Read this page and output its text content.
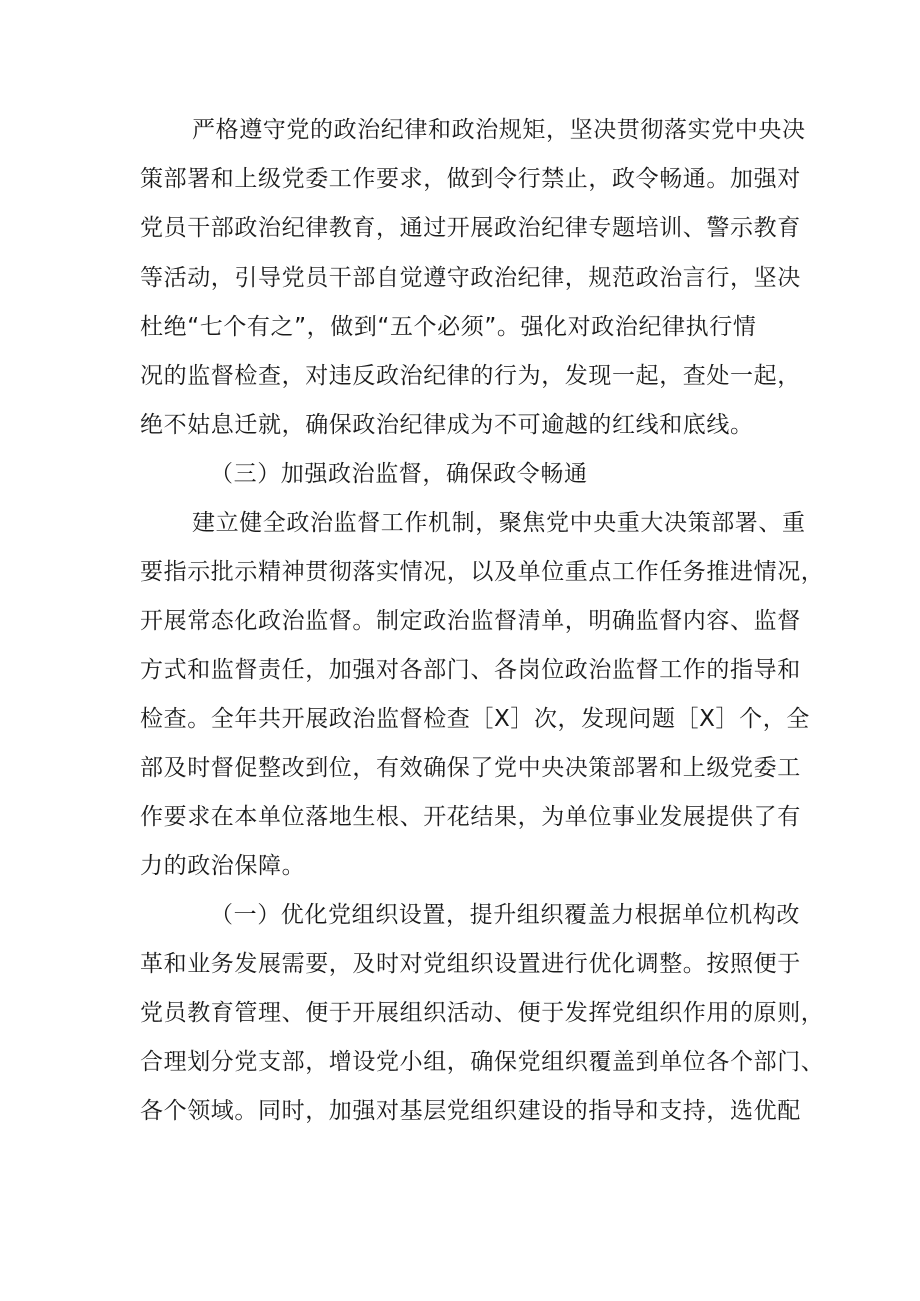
严格遵守党的政治纪律和政治规矩，坚决贯彻落实党中央决
策部署和上级党委工作要求，做到令行禁止，政令畅通。加强对
党员干部政治纪律教育，通过开展政治纪律专题培训、警示教育
等活动，引导党员干部自觉遵守政治纪律，规范政治言行，坚决
杜绝“七个有之”，做到“五个必须”。强化对政治纪律执行情
况的监督检查，对违反政治纪律的行为，发现一起，查处一起，
绝不姑息迁就，确保政治纪律成为不可逾越的红线和底线。
（三）加强政治监督，确保政令畅通
建立健全政治监督工作机制，聚焦党中央重大决策部署、重
要指示批示精神贯彻落实情况，以及单位重点工作任务推进情况，
开展常态化政治监督。制定政治监督清单，明确监督内容、监督
方式和监督责任，加强对各部门、各岗位政治监督工作的指导和
检查。全年共开展政治监督检查［X］次，发现问题［X］个，全
部及时督促整改到位，有效确保了党中央决策部署和上级党委工
作要求在本单位落地生根、开花结果，为单位事业发展提供了有
力的政治保障。
（一）优化党组织设置，提升组织覆盖力根据单位机构改
革和业务发展需要，及时对党组织设置进行优化调整。按照便于
党员教育管理、便于开展组织活动、便于发挥党组织作用的原则，
合理划分党支部，增设党小组，确保党组织覆盖到单位各个部门、
各个领域。同时，加强对基层党组织建设的指导和支持，选优配
